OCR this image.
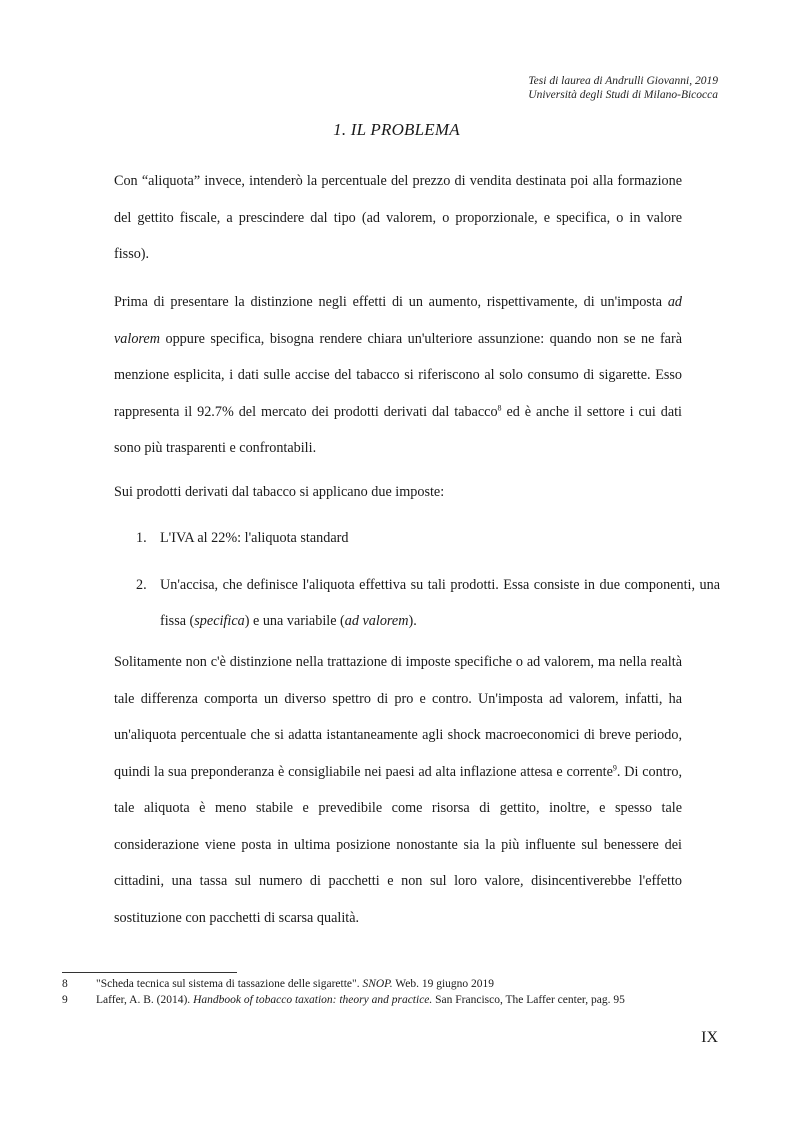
Tesi di laurea di Andrulli Giovanni, 2019
Università degli Studi di Milano-Bicocca
1. IL PROBLEMA

Con “aliquota” invece, intenderò la percentuale del prezzo di vendita destinata poi alla formazione del gettito fiscale, a prescindere dal tipo (ad valorem, o proporzionale, e specifica, o in valore fisso).

Prima di presentare la distinzione negli effetti di un aumento, rispettivamente, di un'imposta ad valorem oppure specifica, bisogna rendere chiara un'ulteriore assunzione: quando non se ne farà menzione esplicita, i dati sulle accise del tabacco si riferiscono al solo consumo di sigarette. Esso rappresenta il 92.7% del mercato dei prodotti derivati dal tabacco$^8$ ed è anche il settore i cui dati sono più trasparenti e confrontabili.

Sui prodotti derivati dal tabacco si applicano due imposte:

1. L'IVA al 22%: l'aliquota standard
2. Un'accisa, che definisce l'aliquota effettiva su tali prodotti. Essa consiste in due componenti, una fissa (specifica) e una variabile (ad valorem).

Solitamente non c'è distinzione nella trattazione di imposte specifiche o ad valorem, ma nella realtà tale differenza comporta un diverso spettro di pro e contro. Un'imposta ad valorem, infatti, ha un'aliquota percentuale che si adatta istantaneamente agli shock macroeconomici di breve periodo, quindi la sua preponderanza è consigliabile nei paesi ad alta inflazione attesa e corrente$^9$. Di contro, tale aliquota è meno stabile e prevedibile come risorsa di gettito, inoltre, e spesso tale considerazione viene posta in ultima posizione nonostante sia la più influente sul benessere dei cittadini, una tassa sul numero di pacchetti e non sul loro valore, disincentiverebbe l'effetto sostituzione con pacchetti di scarsa qualità.

8 "Scheda tecnica sul sistema di tassazione delle sigarette". SNOP. Web. 19 giugno 2019
9 Laffer, A. B. (2014). Handbook of tobacco taxation: theory and practice. San Francisco, The Laffer center, pag. 95
IX
